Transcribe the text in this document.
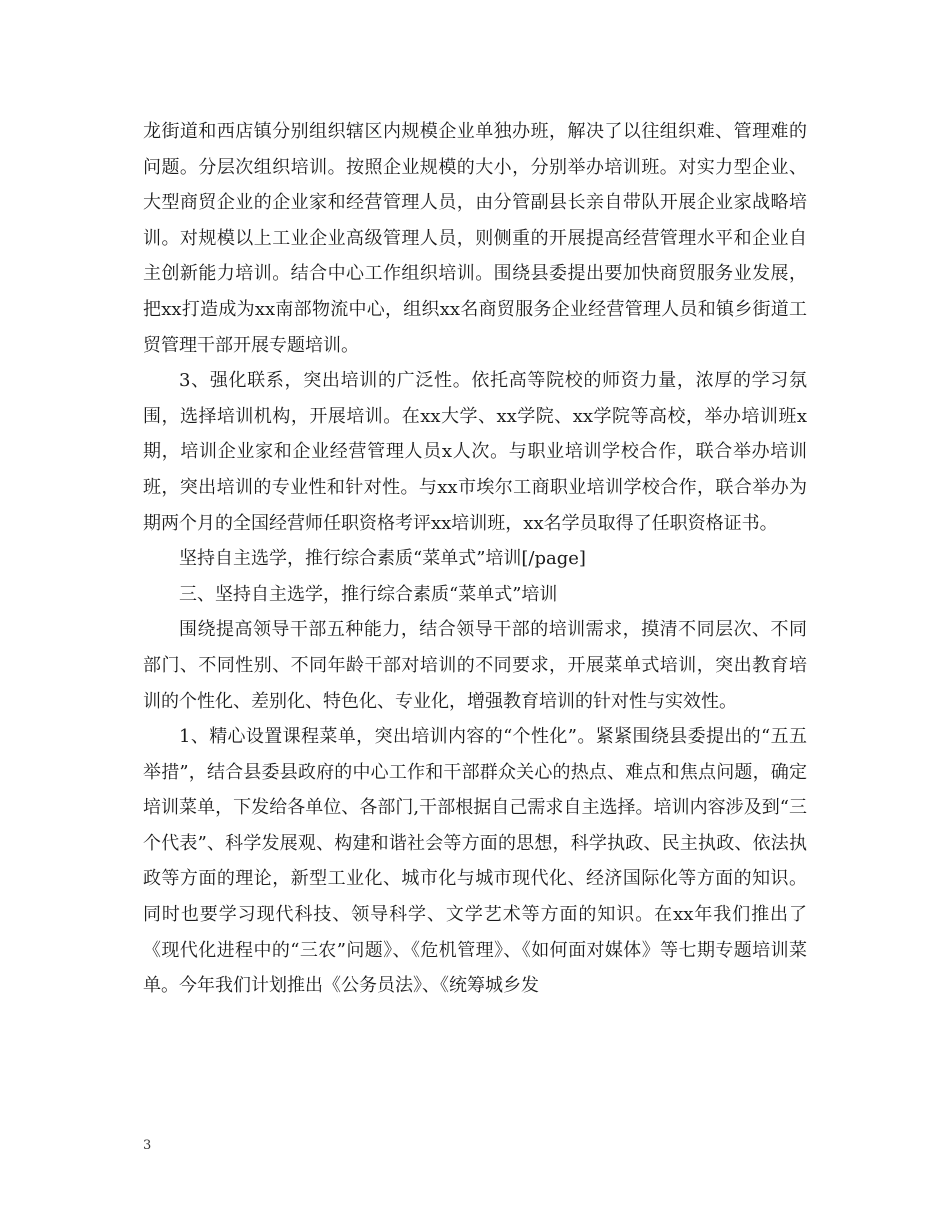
龙街道和西店镇分别组织辖区内规模企业单独办班，解决了以往组织难、管理难的问题。分层次组织培训。按照企业规模的大小，分别举办培训班。对实力型企业、大型商贸企业的企业家和经营管理人员，由分管副县长亲自带队开展企业家战略培训。对规模以上工业企业高级管理人员，则侧重的开展提高经营管理水平和企业自主创新能力培训。结合中心工作组织培训。围绕县委提出要加快商贸服务业发展，把xx打造成为xx南部物流中心，组织xx名商贸服务企业经营管理人员和镇乡街道工贸管理干部开展专题培训。

3、强化联系，突出培训的广泛性。依托高等院校的师资力量，浓厚的学习氛围，选择培训机构，开展培训。在xx大学、xx学院、xx学院等高校，举办培训班x期，培训企业家和企业经营管理人员x人次。与职业培训学校合作，联合举办培训班，突出培训的专业性和针对性。与xx市埃尔工商职业培训学校合作，联合举办为期两个月的全国经营师任职资格考评xx培训班，xx名学员取得了任职资格证书。

坚持自主选学，推行综合素质“菜单式”培训[/page]

三、坚持自主选学，推行综合素质“菜单式”培训

围绕提高领导干部五种能力，结合领导干部的培训需求，摸清不同层次、不同部门、不同性别、不同年龄干部对培训的不同要求，开展菜单式培训，突出教育培训的个性化、差别化、特色化、专业化，增强教育培训的针对性与实效性。

1、精心设置课程菜单，突出培训内容的“个性化”。紧紧围绕县委提出的“五五举措”，结合县委县政府的中心工作和干部群众关心的热点、难点和焦点问题，确定培训菜单，下发给各单位、各部门,干部根据自己需求自主选择。培训内容涉及到“三个代表”、科学发展观、构建和谐社会等方面的思想，科学执政、民主执政、依法执政等方面的理论，新型工业化、城市化与城市现代化、经济国际化等方面的知识。同时也要学习现代科技、领导科学、文学艺术等方面的知识。在xx年我们推出了《现代化进程中的“三农”问题》、《危机管理》、《如何面对媒体》等七期专题培训菜单。今年我们计划推出《公务员法》、《统筹城乡发

3
